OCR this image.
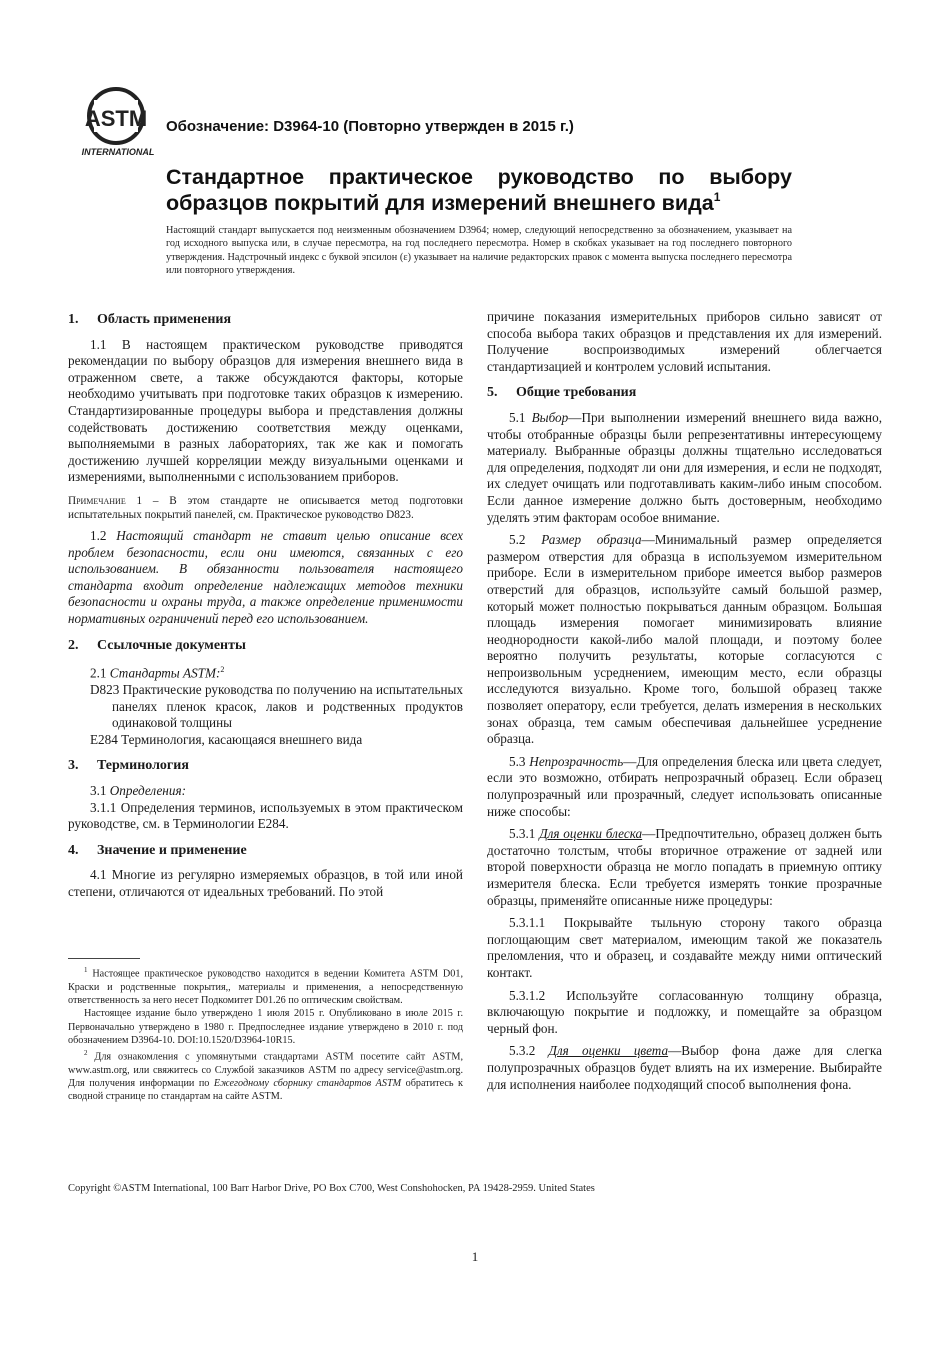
ASTM
INTERNATIONAL
Обозначение: D3964-10 (Повторно утвержден в 2015 г.)
Стандартное практическое руководство по выбору образцов покрытий для измерений внешнего вида$^1$
Настоящий стандарт выпускается под неизменным обозначением D3964; номер, следующий непосредственно за обозначением, указывает на год исходного выпуска или, в случае пересмотра, на год последнего пересмотра. Номер в скобках указывает на год последнего повторного утверждения. Надстрочный индекс с буквой эпсилон (ε) указывает на наличие редакторских правок с момента выпуска последнего пересмотра или повторного утверждения.

1. Область применения

1.1 В настоящем практическом руководстве приводятся рекомендации по выбору образцов для измерения внешнего вида в отраженном свете, а также обсуждаются факторы, которые необходимо учитывать при подготовке таких образцов к измерению. Стандартизированные процедуры выбора и представления должны содействовать достижению соответствия между оценками, выполняемыми в разных лабораториях, так же как и помогать достижению лучшей корреляции между визуальными оценками и измерениями, выполненными с использованием приборов.

Примечание 1 – В этом стандарте не описывается метод подготовки испытательных покрытий панелей, см. Практическое руководство D823.

1.2 Настоящий стандарт не ставит целью описание всех проблем безопасности, если они имеются, связанных с его использованием. В обязанности пользователя настоящего стандарта входит определение надлежащих методов техники безопасности и охраны труда, а также определение применимости нормативных ограничений перед его использованием.

2. Ссылочные документы

2.1 Стандарты ASTM:$^2$

D823 Практические руководства по получению на испытательных панелях пленок красок, лаков и родственных продуктов одинаковой толщины

E284 Терминология, касающаяся внешнего вида

3. Терминология

3.1 Определения:

3.1.1 Определения терминов, используемых в этом практическом руководстве, см. в Терминологии E284.

4. Значение и применение

4.1 Многие из регулярно измеряемых образцов, в той или иной степени, отличаются от идеальных требований. По этой

$^1$ Настоящее практическое руководство находится в ведении Комитета ASTM D01, Краски и родственные покрытия,, материалы и применения, а непосредственную ответственность за него несет Подкомитет D01.26 по оптическим свойствам.

Настоящее издание было утверждено 1 июля 2015 г. Опубликовано в июле 2015 г. Первоначально утверждено в 1980 г. Предпоследнее издание утверждено в 2010 г. под обозначением D3964-10. DOI:10.1520/D3964-10R15.

$^2$ Для ознакомления с упомянутыми стандартами ASTM посетите сайт ASTM, www.astm.org, или свяжитесь со Службой заказчиков ASTM по адресу service@astm.org. Для получения информации по Ежегодному сборнику стандартов ASTM обратитесь к сводной странице по стандартам на сайте ASTM.

причине показания измерительных приборов сильно зависят от способа выбора таких образцов и представления их для измерений. Получение воспроизводимых измерений облегчается стандартизацией и контролем условий испытания.

5. Общие требования

5.1 Выбор—При выполнении измерений внешнего вида важно, чтобы отобранные образцы были репрезентативны интересующему материалу. Выбранные образцы должны тщательно исследоваться для определения, подходят ли они для измерения, и если не подходят, их следует очищать или подготавливать каким-либо иным способом. Если данное измерение должно быть достоверным, необходимо уделять этим факторам особое внимание.

5.2 Размер образца—Минимальный размер определяется размером отверстия для образца в используемом измерительном приборе. Если в измерительном приборе имеется выбор размеров отверстий для образцов, используйте самый большой размер, который может полностью покрываться данным образцом. Большая площадь измерения помогает минимизировать влияние неоднородности какой-либо малой площади, и поэтому более вероятно получить результаты, которые согласуются с непроизвольным усреднением, имеющим место, если образцы исследуются визуально. Кроме того, большой образец также позволяет оператору, если требуется, делать измерения в нескольких зонах образца, тем самым обеспечивая дальнейшее усреднение образца.

5.3 Непрозрачность—Для определения блеска или цвета следует, если это возможно, отбирать непрозрачный образец. Если образец полупрозрачный или прозрачный, следует использовать описанные ниже способы:

5.3.1 Для оценки блеска—Предпочтительно, образец должен быть достаточно толстым, чтобы вторичное отражение от задней или второй поверхности образца не могло попадать в приемную оптику измерителя блеска. Если требуется измерять тонкие прозрачные образцы, применяйте описанные ниже процедуры:

5.3.1.1 Покрывайте тыльную сторону такого образца поглощающим свет материалом, имеющим такой же показатель преломления, что и образец, и создавайте между ними оптический контакт.

5.3.1.2 Используйте согласованную толщину образца, включающую покрытие и подложку, и помещайте за образцом черный фон.

5.3.2 Для оценки цвета—Выбор фона даже для слегка полупрозрачных образцов будет влиять на их измерение. Выбирайте для исполнения наиболее подходящий способ выполнения фона.

Copyright ©ASTM International, 100 Barr Harbor Drive, PO Box C700, West Conshohocken, PA 19428-2959. United States
1
